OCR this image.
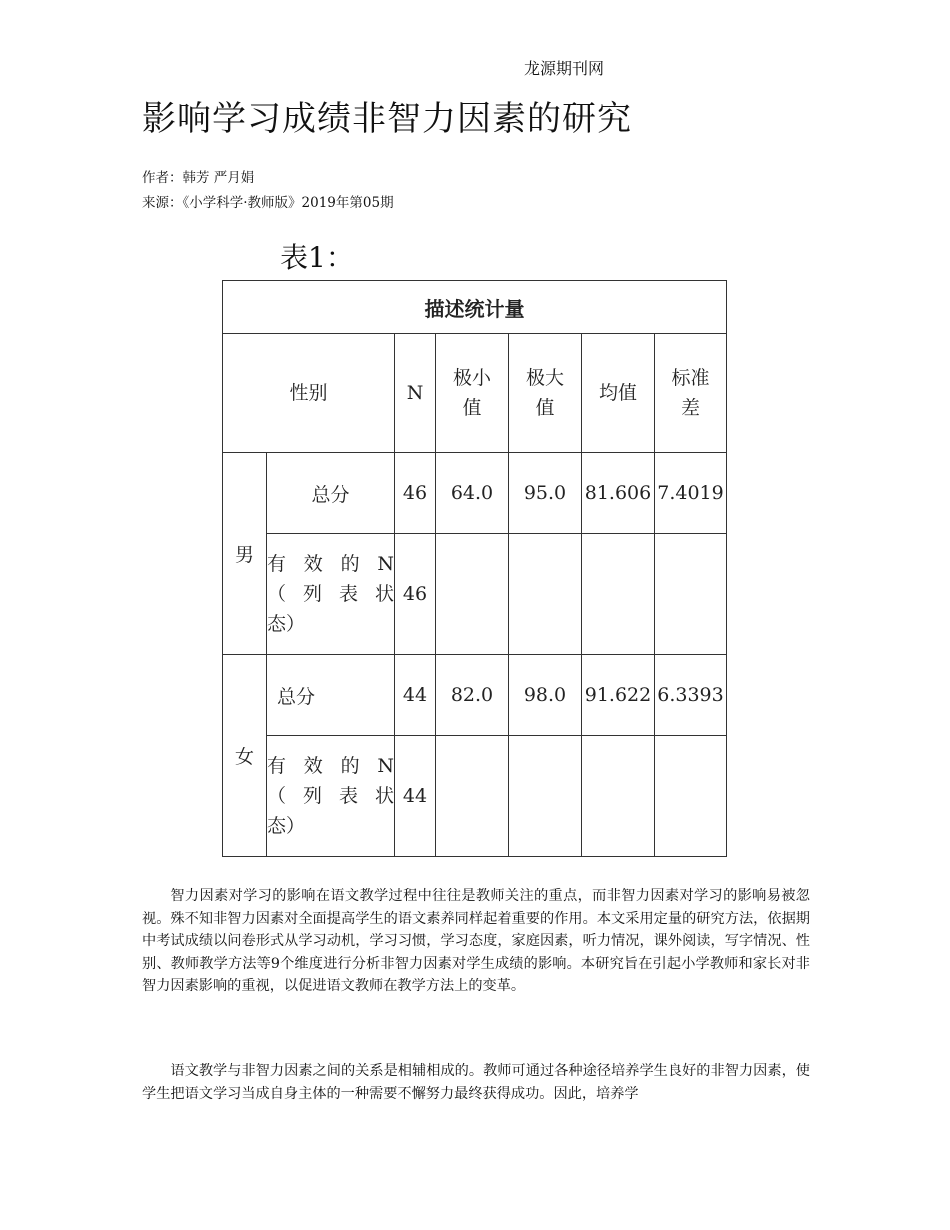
龙源期刊网
影响学习成绩非智力因素的研究
作者：韩芳 严月娟
来源：《小学科学·教师版》2019年第05期
表1：
描述统计量						
性别		N	极小值	极大值	均值	标准差
男	总分	46	64.0	95.0	81.606	7.4019

	有效的N
（列表状
态）	46				
女	总分	44	82.0	98.0	91.622	6.3393

	有效的N
（列表状
态）	44				

智力因素对学习的影响在语文教学过程中往往是教师关注的重点，而非智力因素对学习的影响易被忽视。殊不知非智力因素对全面提高学生的语文素养同样起着重要的作用。本文采用定量的研究方法，依据期中考试成绩以问卷形式从学习动机，学习习惯，学习态度，家庭因素，听力情况，课外阅读，写字情况、性别、教师教学方法等9个维度进行分析非智力因素对学生成绩的影响。本研究旨在引起小学教师和家长对非智力因素影响的重视，以促进语文教师在教学方法上的变革。

语文教学与非智力因素之间的关系是相辅相成的。教师可通过各种途径培养学生良好的非智力因素，使学生把语文学习当成自身主体的一种需要不懈努力最终获得成功。因此，培养学
